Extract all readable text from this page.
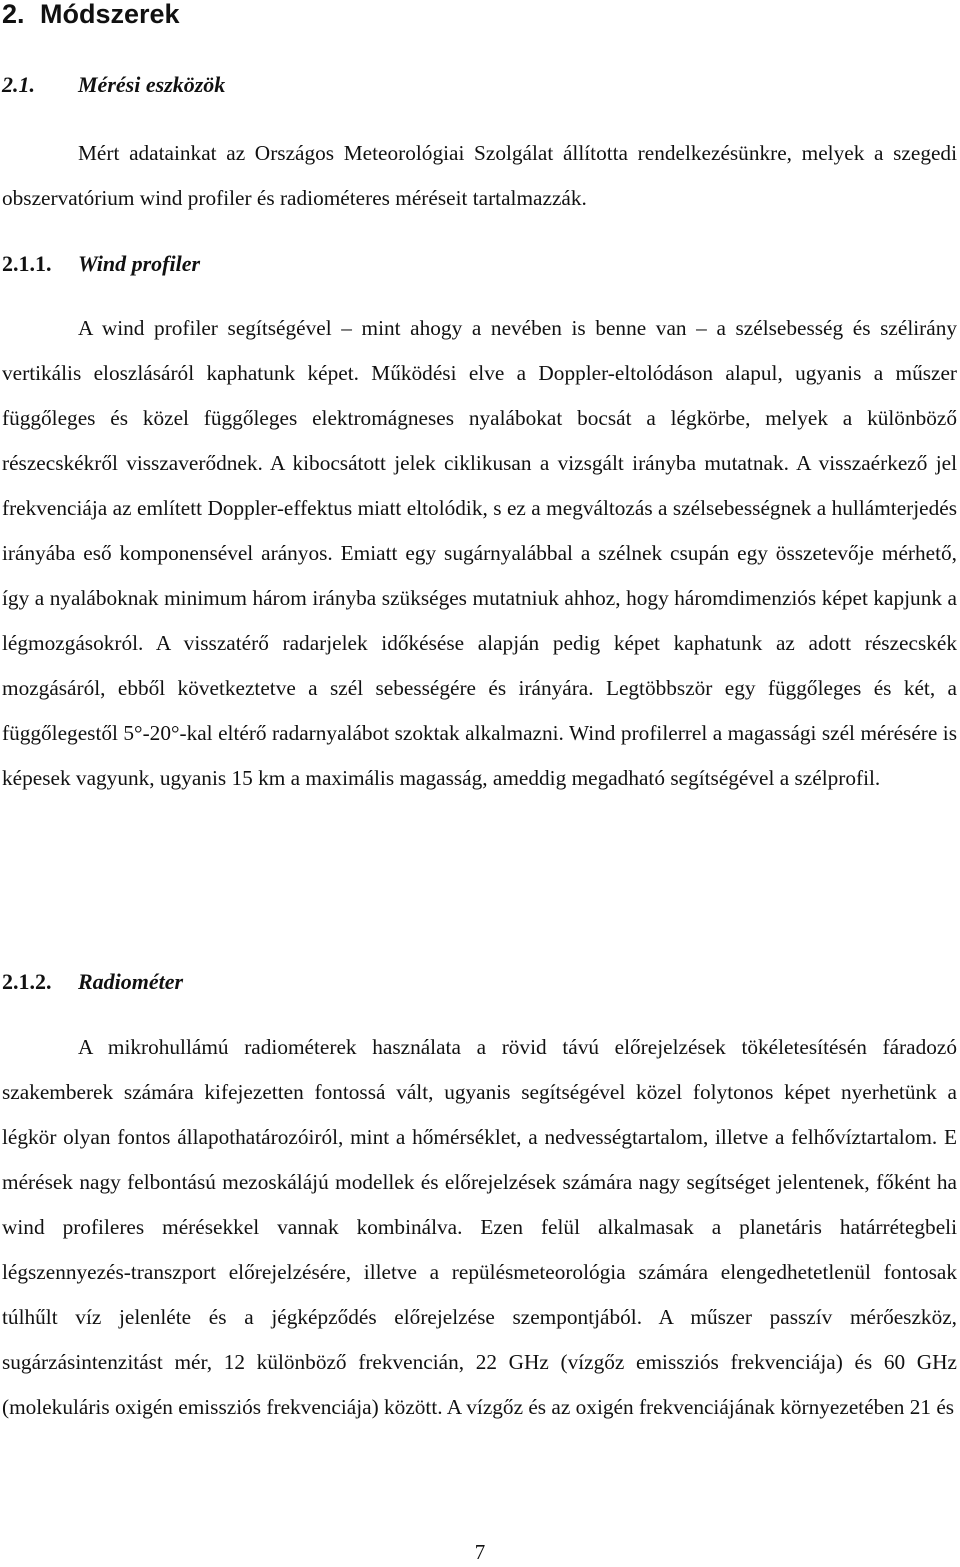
2. Módszerek
2.1. Mérési eszközök

Mért adatainkat az Országos Meteorológiai Szolgálat állította rendelkezésünkre, melyek a szegedi obszervatórium wind profiler és radiométeres méréseit tartalmazzák.

2.1.1. Wind profiler

A wind profiler segítségével – mint ahogy a nevében is benne van – a szélsebesség és szélirány vertikális eloszlásáról kaphatunk képet. Működési elve a Doppler-eltolódáson alapul, ugyanis a műszer függőleges és közel függőleges elektromágneses nyalábokat bocsát a légkörbe, melyek a különböző részecskékről visszaverődnek. A kibocsátott jelek ciklikusan a vizsgált irányba mutatnak. A visszaérkező jel frekvenciája az említett Doppler-effektus miatt eltolódik, s ez a megváltozás a szélsebességnek a hullámterjedés irányába eső komponensével arányos. Emiatt egy sugárnyalábbal a szélnek csupán egy összetevője mérhető, így a nyaláboknak minimum három irányba szükséges mutatniuk ahhoz, hogy háromdimenziós képet kapjunk a légmozgásokról. A visszatérő radarjelek időkésése alapján pedig képet kaphatunk az adott részecskék mozgásáról, ebből következtetve a szél sebességére és irányára. Legtöbbször egy függőleges és két, a függőlegestől 5°-20°-kal eltérő radarnyalábot szoktak alkalmazni. Wind profilerrel a magassági szél mérésére is képesek vagyunk, ugyanis 15 km a maximális magasság, ameddig megadható segítségével a szélprofil.

2.1.2. Radiométer

A mikrohullámú radiométerek használata a rövid távú előrejelzések tökéletesítésén fáradozó szakemberek számára kifejezetten fontossá vált, ugyanis segítségével közel folytonos képet nyerhetünk a légkör olyan fontos állapothatározóiról, mint a hőmérséklet, a nedvességtartalom, illetve a felhővíztartalom. E mérések nagy felbontású mezoskálájú modellek és előrejelzések számára nagy segítséget jelentenek, főként ha wind profileres mérésekkel vannak kombinálva. Ezen felül alkalmasak a planetáris határrétegbeli légszennyezés-transzport előrejelzésére, illetve a repülésmeteorológia számára elengedhetetlenül fontosak túlhűlt víz jelenléte és a jégképződés előrejelzése szempontjából. A műszer passzív mérőeszköz, sugárzásintenzitást mér, 12 különböző frekvencián, 22 GHz (vízgőz emissziós frekvenciája) és 60 GHz (molekuláris oxigén emissziós frekvenciája) között. A vízgőz és az oxigén frekvenciájának környezetében 21 és

7
